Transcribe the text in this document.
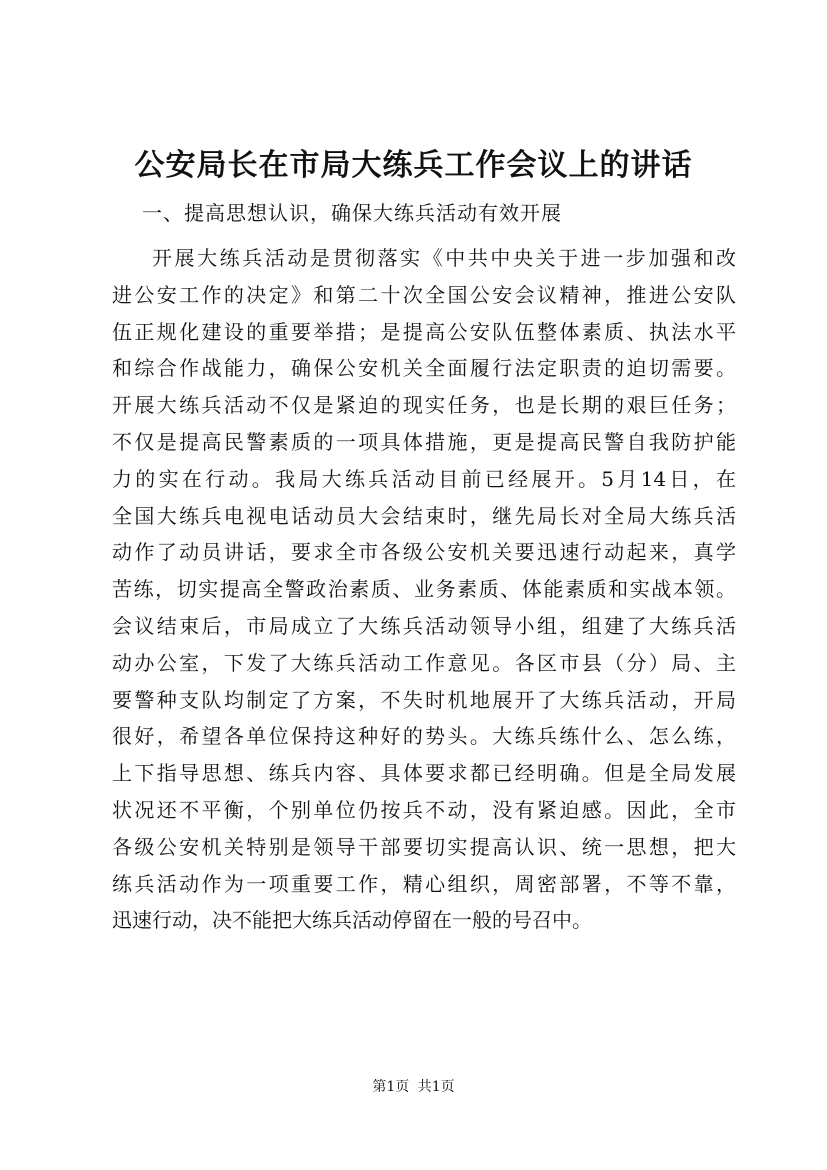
公安局长在市局大练兵工作会议上的讲话
一、提高思想认识，确保大练兵活动有效开展
开展大练兵活动是贯彻落实《中共中央关于进一步加强和改
进公安工作的决定》和第二十次全国公安会议精神，推进公安队
伍正规化建设的重要举措；是提高公安队伍整体素质、执法水平
和综合作战能力，确保公安机关全面履行法定职责的迫切需要。
开展大练兵活动不仅是紧迫的现实任务，也是长期的艰巨任务；
不仅是提高民警素质的一项具体措施，更是提高民警自我防护能
力的实在行动。我局大练兵活动目前已经展开。5月14日，在
全国大练兵电视电话动员大会结束时，继先局长对全局大练兵活
动作了动员讲话，要求全市各级公安机关要迅速行动起来，真学
苦练，切实提高全警政治素质、业务素质、体能素质和实战本领。
会议结束后，市局成立了大练兵活动领导小组，组建了大练兵活
动办公室，下发了大练兵活动工作意见。各区市县（分）局、主
要警种支队均制定了方案，不失时机地展开了大练兵活动，开局
很好，希望各单位保持这种好的势头。大练兵练什么、怎么练，
上下指导思想、练兵内容、具体要求都已经明确。但是全局发展
状况还不平衡，个别单位仍按兵不动，没有紧迫感。因此，全市
各级公安机关特别是领导干部要切实提高认识、统一思想，把大
练兵活动作为一项重要工作，精心组织，周密部署，不等不靠，
迅速行动，决不能把大练兵活动停留在一般的号召中。
第1页 共1页
